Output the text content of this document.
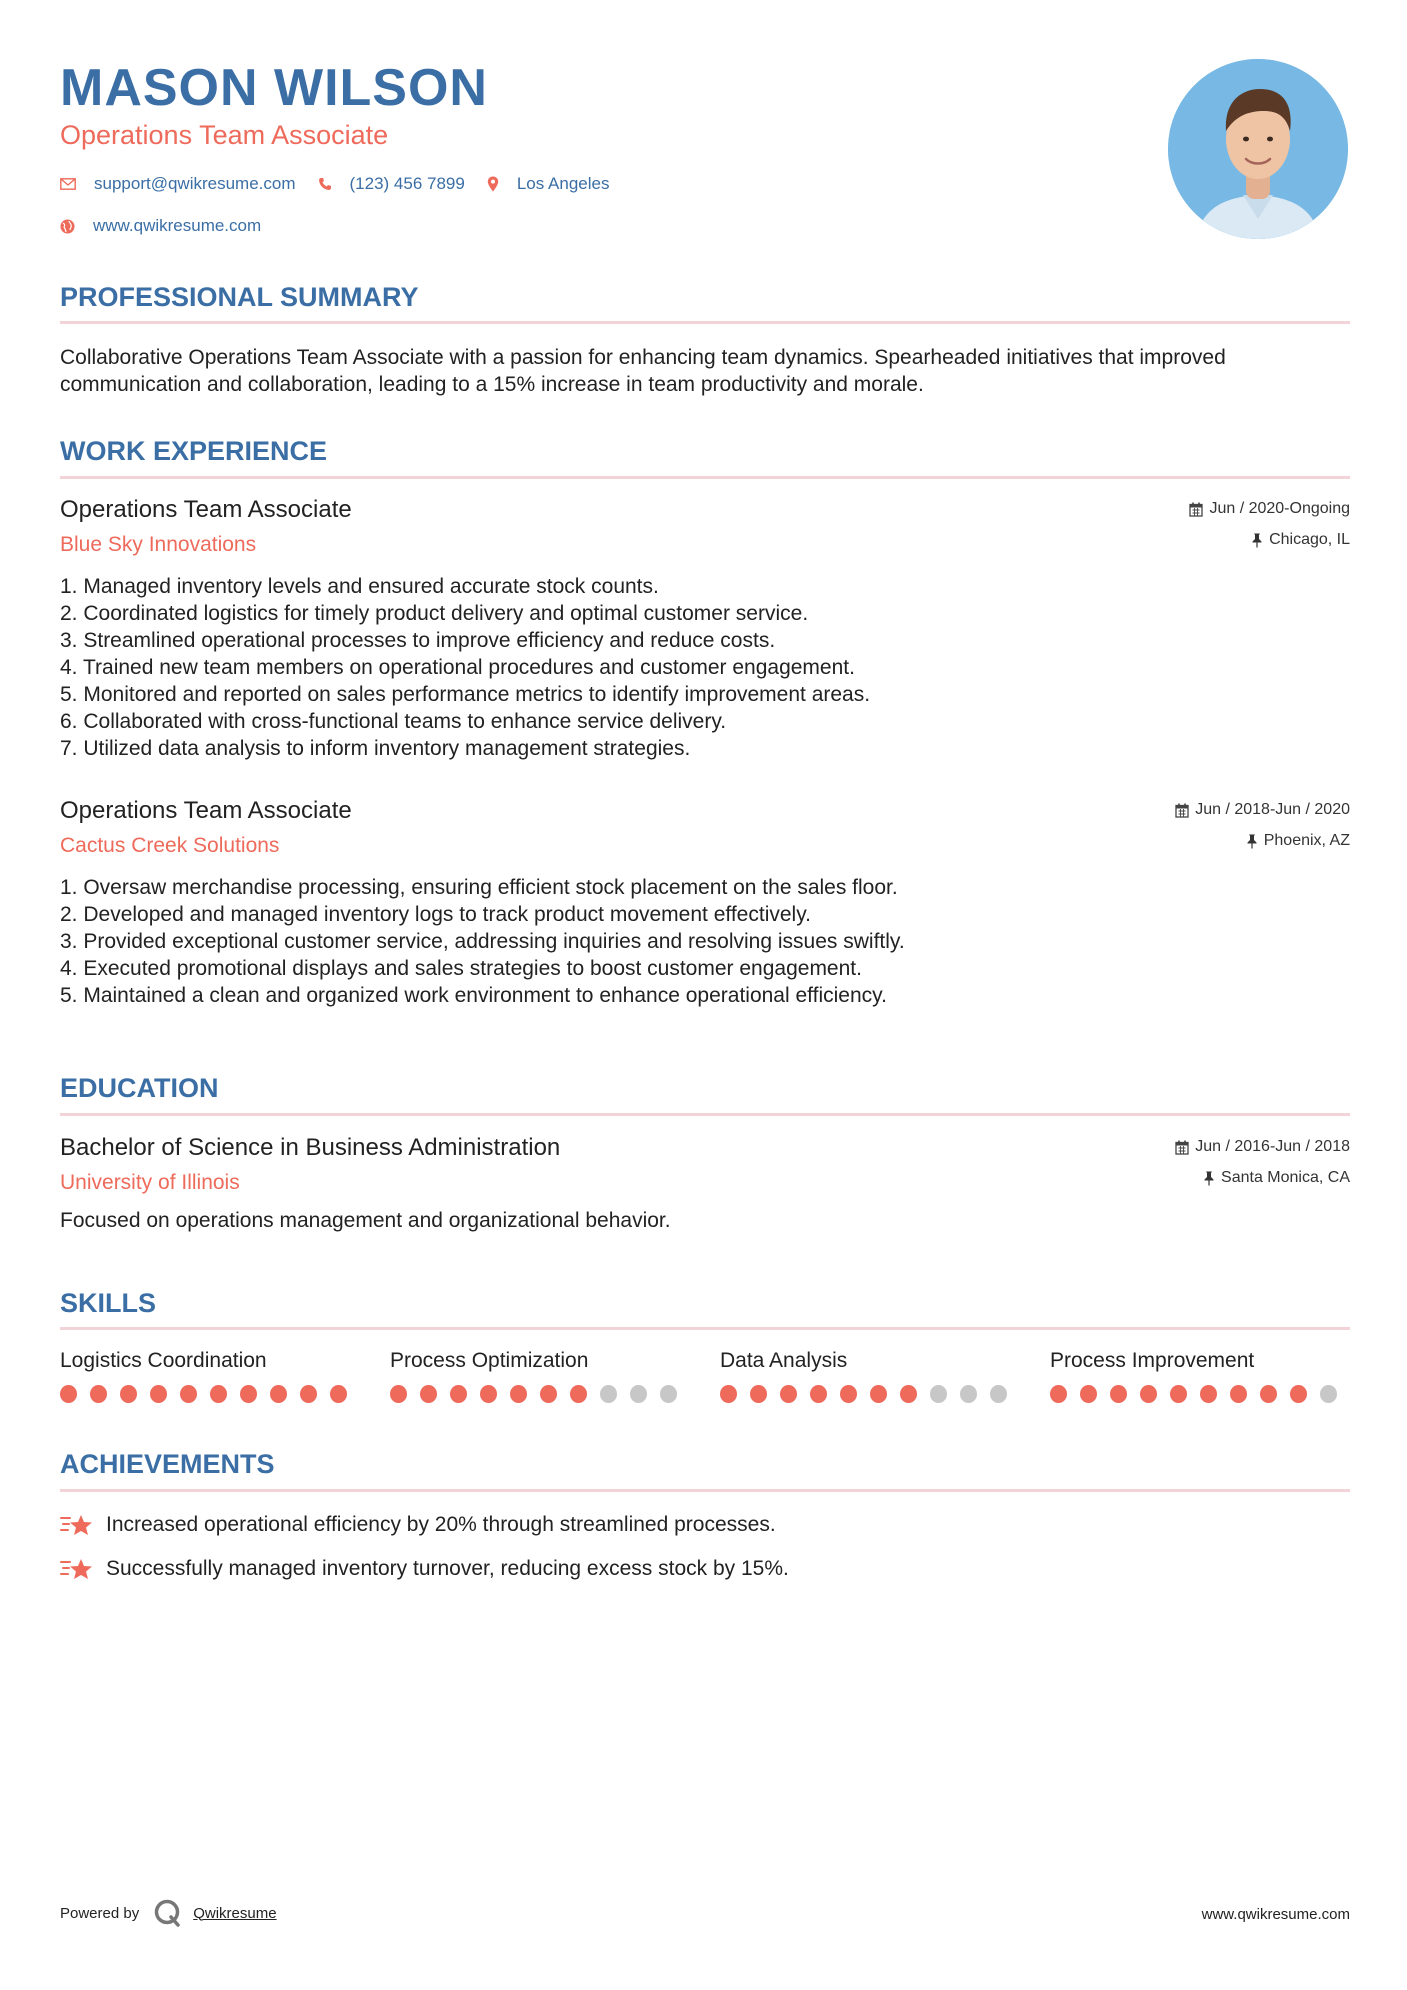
MASON WILSON
Operations Team Associate
support@qwikresume.com	(123) 456 7899	Los Angeles
www.qwikresume.com
PROFESSIONAL SUMMARY
Collaborative Operations Team Associate with a passion for enhancing team dynamics. Spearheaded initiatives that improved communication and collaboration, leading to a 15% increase in team productivity and morale.
WORK EXPERIENCE
Operations Team Associate
Blue Sky Innovations
Jun / 2020-Ongoing
Chicago, IL
1. Managed inventory levels and ensured accurate stock counts.
2. Coordinated logistics for timely product delivery and optimal customer service.
3. Streamlined operational processes to improve efficiency and reduce costs.
4. Trained new team members on operational procedures and customer engagement.
5. Monitored and reported on sales performance metrics to identify improvement areas.
6. Collaborated with cross-functional teams to enhance service delivery.
7. Utilized data analysis to inform inventory management strategies.
Operations Team Associate
Cactus Creek Solutions
Jun / 2018-Jun / 2020
Phoenix, AZ
1. Oversaw merchandise processing, ensuring efficient stock placement on the sales floor.
2. Developed and managed inventory logs to track product movement effectively.
3. Provided exceptional customer service, addressing inquiries and resolving issues swiftly.
4. Executed promotional displays and sales strategies to boost customer engagement.
5. Maintained a clean and organized work environment to enhance operational efficiency.
EDUCATION
Bachelor of Science in Business Administration
University of Illinois
Jun / 2016-Jun / 2018
Santa Monica, CA
Focused on operations management and organizational behavior.
SKILLS
Logistics Coordination	Process Optimization	Data Analysis	Process Improvement
ACHIEVEMENTS
Increased operational efficiency by 20% through streamlined processes.
Successfully managed inventory turnover, reducing excess stock by 15%.
Powered by	Qwikresume	www.qwikresume.com
